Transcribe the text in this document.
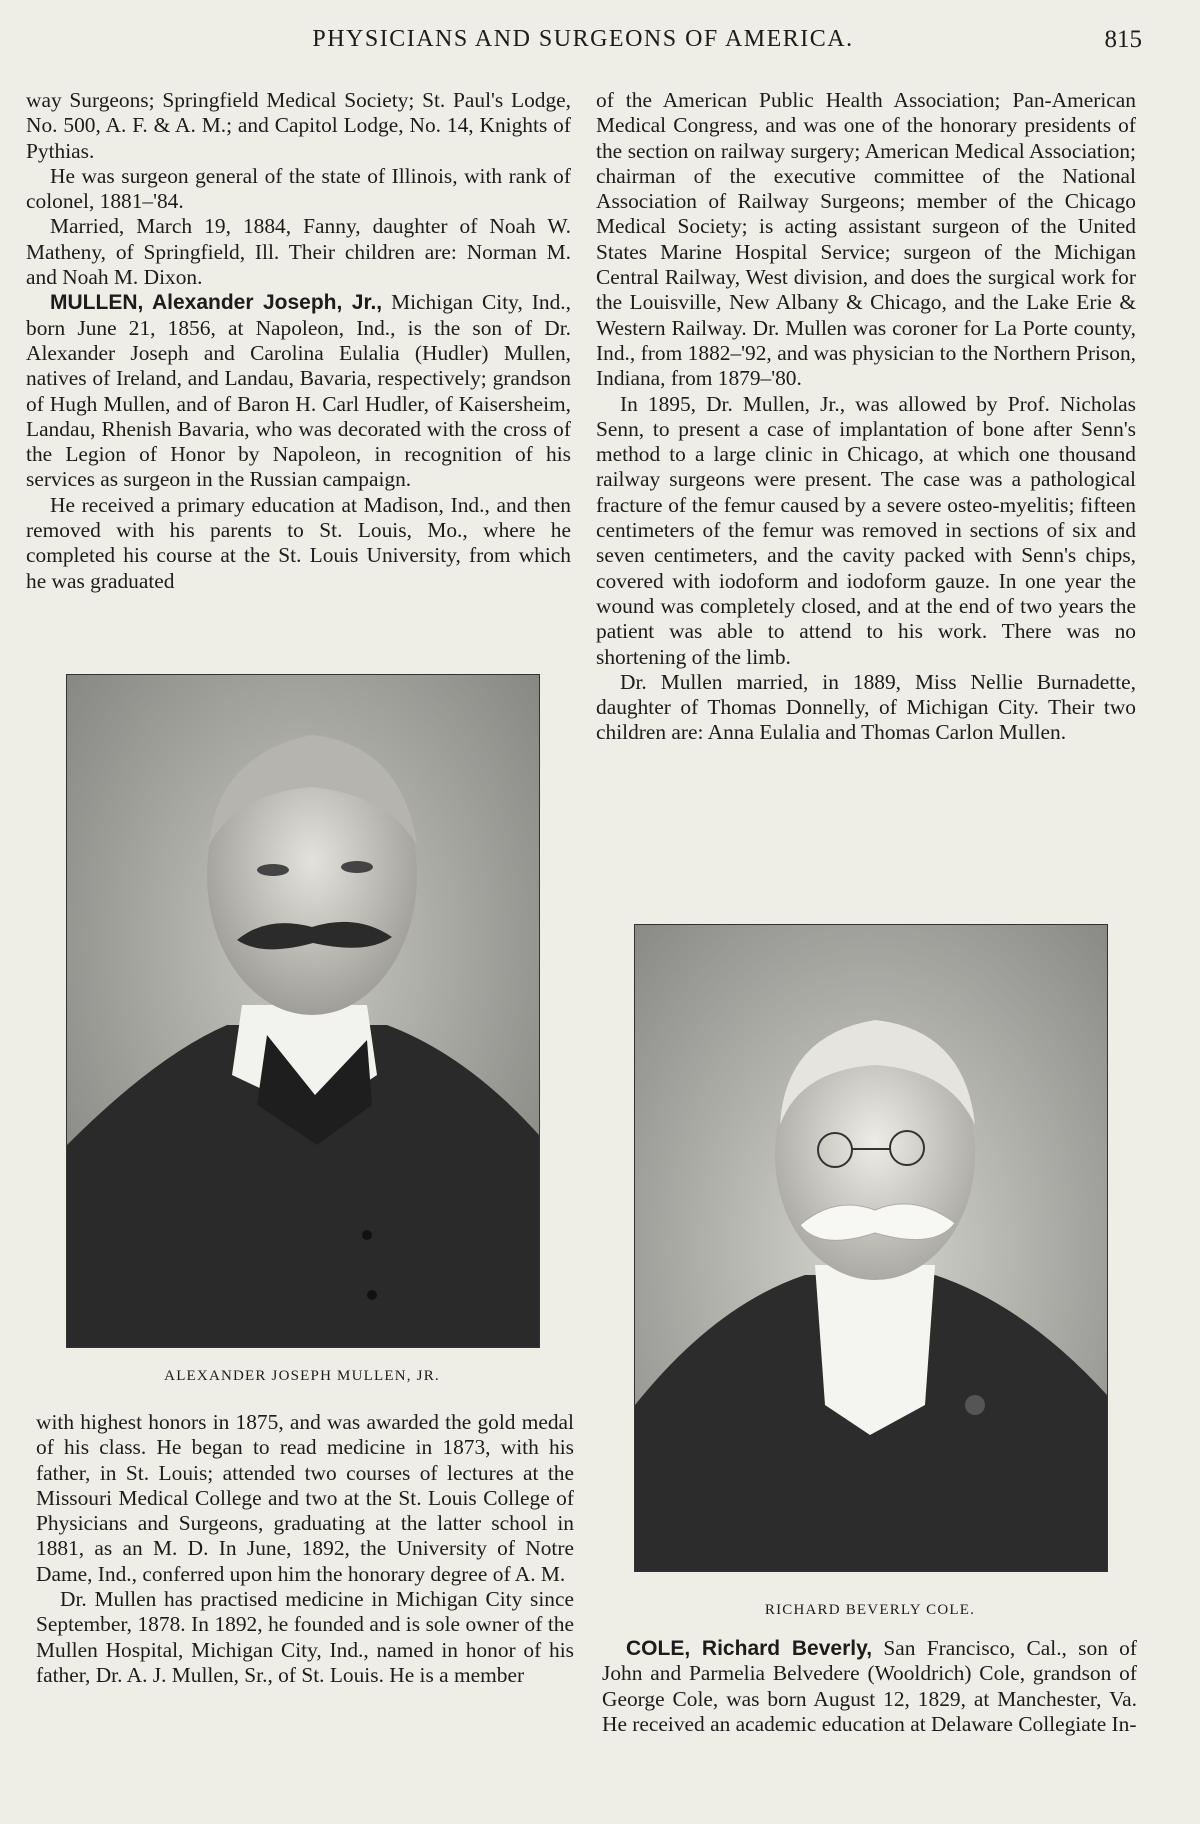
PHYSICIANS AND SURGEONS OF AMERICA.	815

way Surgeons; Springfield Medical Society; St. Paul's Lodge, No. 500, A. F. & A. M.; and Capitol Lodge, No. 14, Knights of Pythias.

He was surgeon general of the state of Illinois, with rank of colonel, 1881–'84.

Married, March 19, 1884, Fanny, daughter of Noah W. Matheny, of Springfield, Ill. Their children are: Norman M. and Noah M. Dixon.

MULLEN, Alexander Joseph, Jr., Michigan City, Ind., born June 21, 1856, at Napoleon, Ind., is the son of Dr. Alexander Joseph and Carolina Eulalia (Hudler) Mullen, natives of Ireland, and Landau, Bavaria, respectively; grandson of Hugh Mullen, and of Baron H. Carl Hudler, of Kaisersheim, Landau, Rhenish Bavaria, who was decorated with the cross of the Legion of Honor by Napoleon, in recognition of his services as surgeon in the Russian campaign.

He received a primary education at Madison, Ind., and then removed with his parents to St. Louis, Mo., where he completed his course at the St. Louis University, from which he was graduated

ALEXANDER JOSEPH MULLEN, JR.

with highest honors in 1875, and was awarded the gold medal of his class. He began to read medicine in 1873, with his father, in St. Louis; attended two courses of lectures at the Missouri Medical College and two at the St. Louis College of Physicians and Surgeons, graduating at the latter school in 1881, as an M. D. In June, 1892, the University of Notre Dame, Ind., conferred upon him the honorary degree of A. M.

Dr. Mullen has practised medicine in Michigan City since September, 1878. In 1892, he founded and is sole owner of the Mullen Hospital, Michigan City, Ind., named in honor of his father, Dr. A. J. Mullen, Sr., of St. Louis. He is a member

of the American Public Health Association; Pan-American Medical Congress, and was one of the honorary presidents of the section on railway surgery; American Medical Association; chairman of the executive committee of the National Association of Railway Surgeons; member of the Chicago Medical Society; is acting assistant surgeon of the United States Marine Hospital Service; surgeon of the Michigan Central Railway, West division, and does the surgical work for the Louisville, New Albany & Chicago, and the Lake Erie & Western Railway. Dr. Mullen was coroner for La Porte county, Ind., from 1882–'92, and was physician to the Northern Prison, Indiana, from 1879–'80.

In 1895, Dr. Mullen, Jr., was allowed by Prof. Nicholas Senn, to present a case of implantation of bone after Senn's method to a large clinic in Chicago, at which one thousand railway surgeons were present. The case was a pathological fracture of the femur caused by a severe osteo-myelitis; fifteen centimeters of the femur was removed in sections of six and seven centimeters, and the cavity packed with Senn's chips, covered with iodoform and iodoform gauze. In one year the wound was completely closed, and at the end of two years the patient was able to attend to his work. There was no shortening of the limb.

Dr. Mullen married, in 1889, Miss Nellie Burnadette, daughter of Thomas Donnelly, of Michigan City. Their two children are: Anna Eulalia and Thomas Carlon Mullen.

RICHARD BEVERLY COLE.

COLE, Richard Beverly, San Francisco, Cal., son of John and Parmelia Belvedere (Wooldrich) Cole, grandson of George Cole, was born August 12, 1829, at Manchester, Va. He received an academic education at Delaware Collegiate In-
